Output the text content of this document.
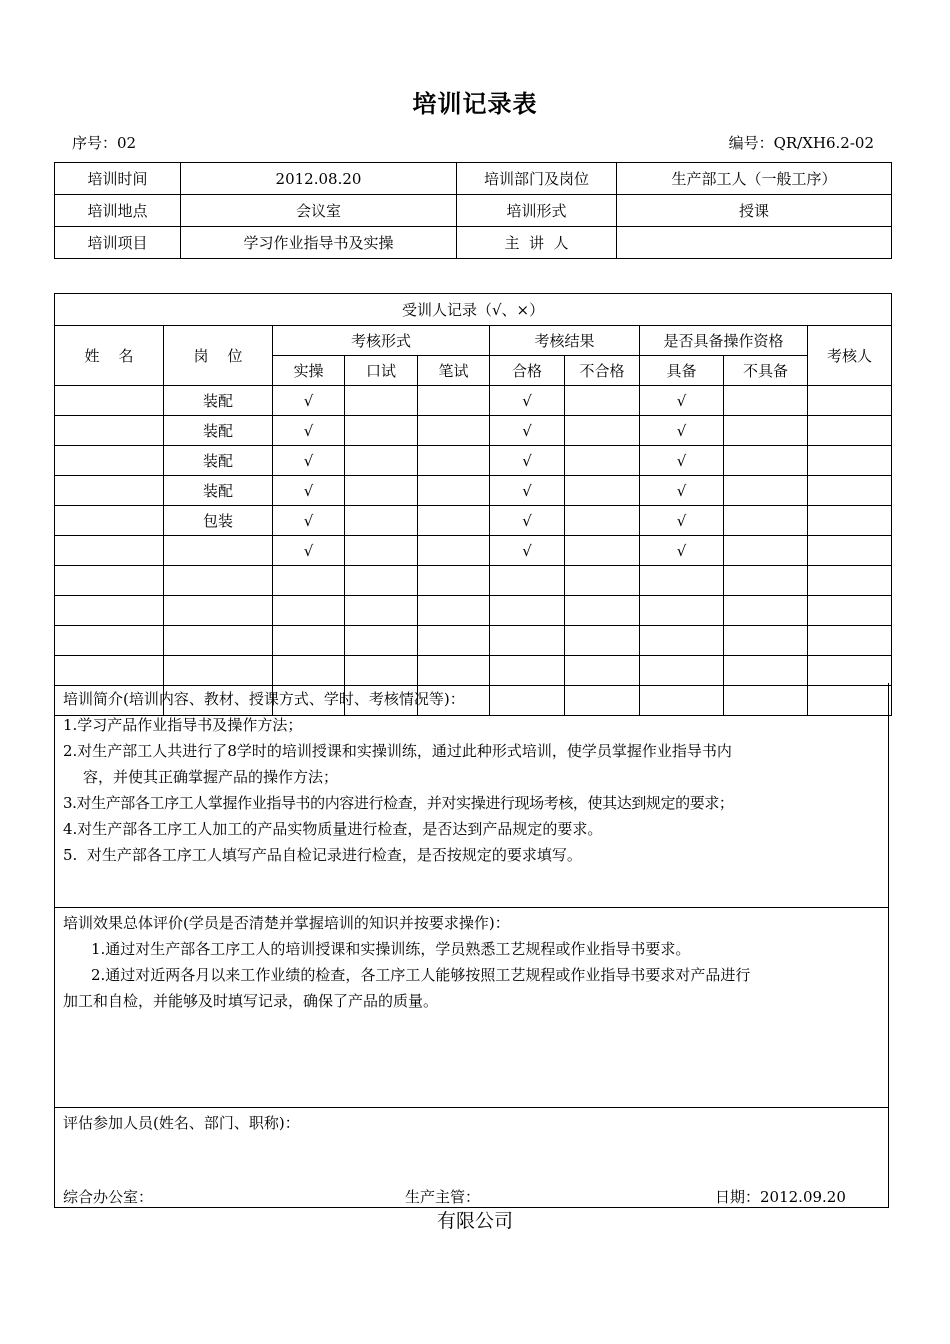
培训记录表
序号：02	编号：QR/XH6.2-02
培训时间	2012.08.20	培训部门及岗位	生产部工人（一般工序）
培训地点	会议室	培训形式	授课
培训项目	学习作业指导书及实操	主  讲  人	
受训人记录（√、×）									
姓    名	岗    位	考核形式			考核结果		是否具备操作资格		考核人
		实操	口试	笔试	合格	不合格	具备	不具备	
	装配	√			√		√		
	装配	√			√		√		
	装配	√			√		√		
	装配	√			√		√		
	包装	√			√		√		
		√			√		√		

培训简介(培训内容、教材、授课方式、学时、考核情况等)：
1.学习产品作业指导书及操作方法；
2.对生产部工人共进行了8学时的培训授课和实操训练，通过此种形式培训，使学员掌握作业指导书内
容，并使其正确掌握产品的操作方法；
3.对生产部各工序工人掌握作业指导书的内容进行检查，并对实操进行现场考核，使其达到规定的要求；
4.对生产部各工序工人加工的产品实物质量进行检查，是否达到产品规定的要求。
5.  对生产部各工序工人填写产品自检记录进行检查，是否按规定的要求填写。
培训效果总体评价(学员是否清楚并掌握培训的知识并按要求操作)：
1.通过对生产部各工序工人的培训授课和实操训练，学员熟悉工艺规程或作业指导书要求。
2.通过对近两各月以来工作业绩的检查，各工序工人能够按照工艺规程或作业指导书要求对产品进行
加工和自检，并能够及时填写记录，确保了产品的质量。
评估参加人员(姓名、部门、职称)：
综合办公室：	生产主管：	日期：2012.09.20
有限公司
